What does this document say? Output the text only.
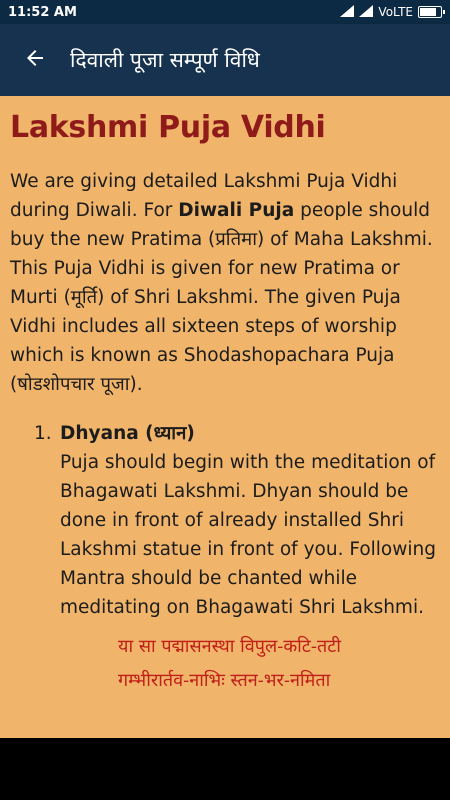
11:52 AM	VoLTE
दिवाली पूजा सम्पूर्ण विधि
Lakshmi Puja Vidhi

We are giving detailed Lakshmi Puja Vidhi during Diwali. For Diwali Puja people should buy the new Pratima (प्रतिमा) of Maha Lakshmi. This Puja Vidhi is given for new Pratima or Murti (मूर्ति) of Shri Lakshmi. The given Puja Vidhi includes all sixteen steps of worship which is known as Shodashopachara Puja (षोडशोपचार पूजा).

1. Dhyana (ध्यान)
Puja should begin with the meditation of Bhagawati Lakshmi. Dhyan should be done in front of already installed Shri Lakshmi statue in front of you. Following Mantra should be chanted while meditating on Bhagawati Shri Lakshmi.
या सा पद्मासनस्था विपुल-कटि-तटी
गम्भीरार्तव-नाभिः स्तन-भर-नमिता
